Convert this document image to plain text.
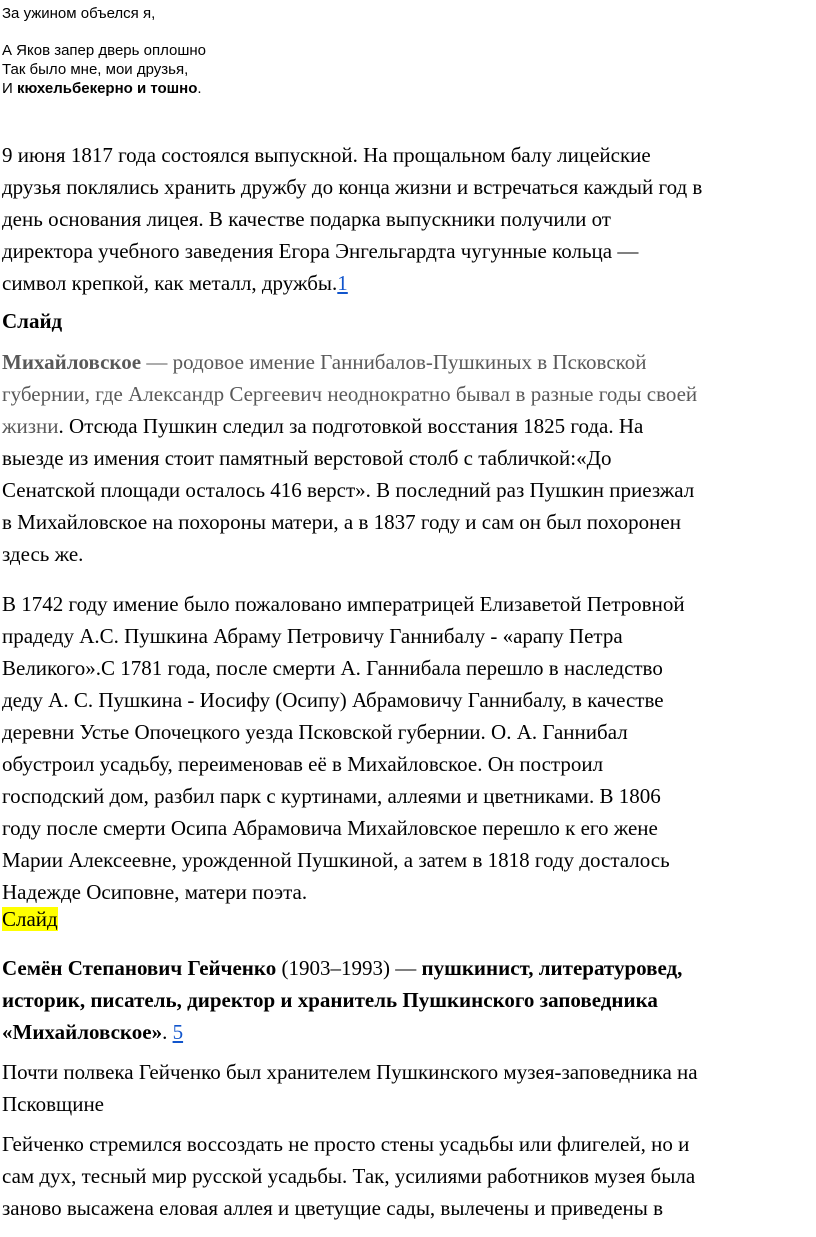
За ужином объелся я,
А Яков запер дверь оплошно
Так было мне, мои друзья,
И кюхельбекерно и тошно.
9 июня 1817 года состоялся выпускной. На прощальном балу лицейские
друзья поклялись хранить дружбу до конца жизни и встречаться каждый год в
день основания лицея. В качестве подарка выпускники получили от
директора учебного заведения Егора Энгельгардта чугунные кольца —
символ крепкой, как металл, дружбы.1
Слайд
Михайловское — родовое имение Ганнибалов-Пушкиных в Псковской
губернии, где Александр Сергеевич неоднократно бывал в разные годы своей
жизни. Отсюда Пушкин следил за подготовкой восстания 1825 года. На
выезде из имения стоит памятный верстовой столб с табличкой:«До
Сенатской площади осталось 416 верст». В последний раз Пушкин приезжал
в Михайловское на похороны матери, а в 1837 году и сам он был похоронен
здесь же.
В 1742 году имение было пожаловано императрицей Елизаветой Петровной
прадеду А.С. Пушкина Абраму Петровичу Ганнибалу - «арапу Петра
Великого».С 1781 года, после смерти А. Ганнибала перешло в наследство
деду А. С. Пушкина - Иосифу (Осипу) Абрамовичу Ганнибалу, в качестве
деревни Устье Опочецкого уезда Псковской губернии. О. А. Ганнибал
обустроил усадьбу, переименовав её в Михайловское. Он построил
господский дом, разбил парк с куртинами, аллеями и цветниками. В 1806
году после смерти Осипа Абрамовича Михайловское перешло к его жене
Марии Алексеевне, урожденной Пушкиной, а затем в 1818 году досталось
Надежде Осиповне, матери поэта.
Слайд
Семён Степанович Гейченко (1903–1993) — пушкинист, литературовед,
историк, писатель, директор и хранитель Пушкинского заповедника
«Михайловское». 5
Почти полвека Гейченко был хранителем Пушкинского музея-заповедника на
Псковщине
Гейченко стремился воссоздать не просто стены усадьбы или флигелей, но и
сам дух, тесный мир русской усадьбы. Так, усилиями работников музея была
заново высажена еловая аллея и цветущие сады, вылечены и приведены в
